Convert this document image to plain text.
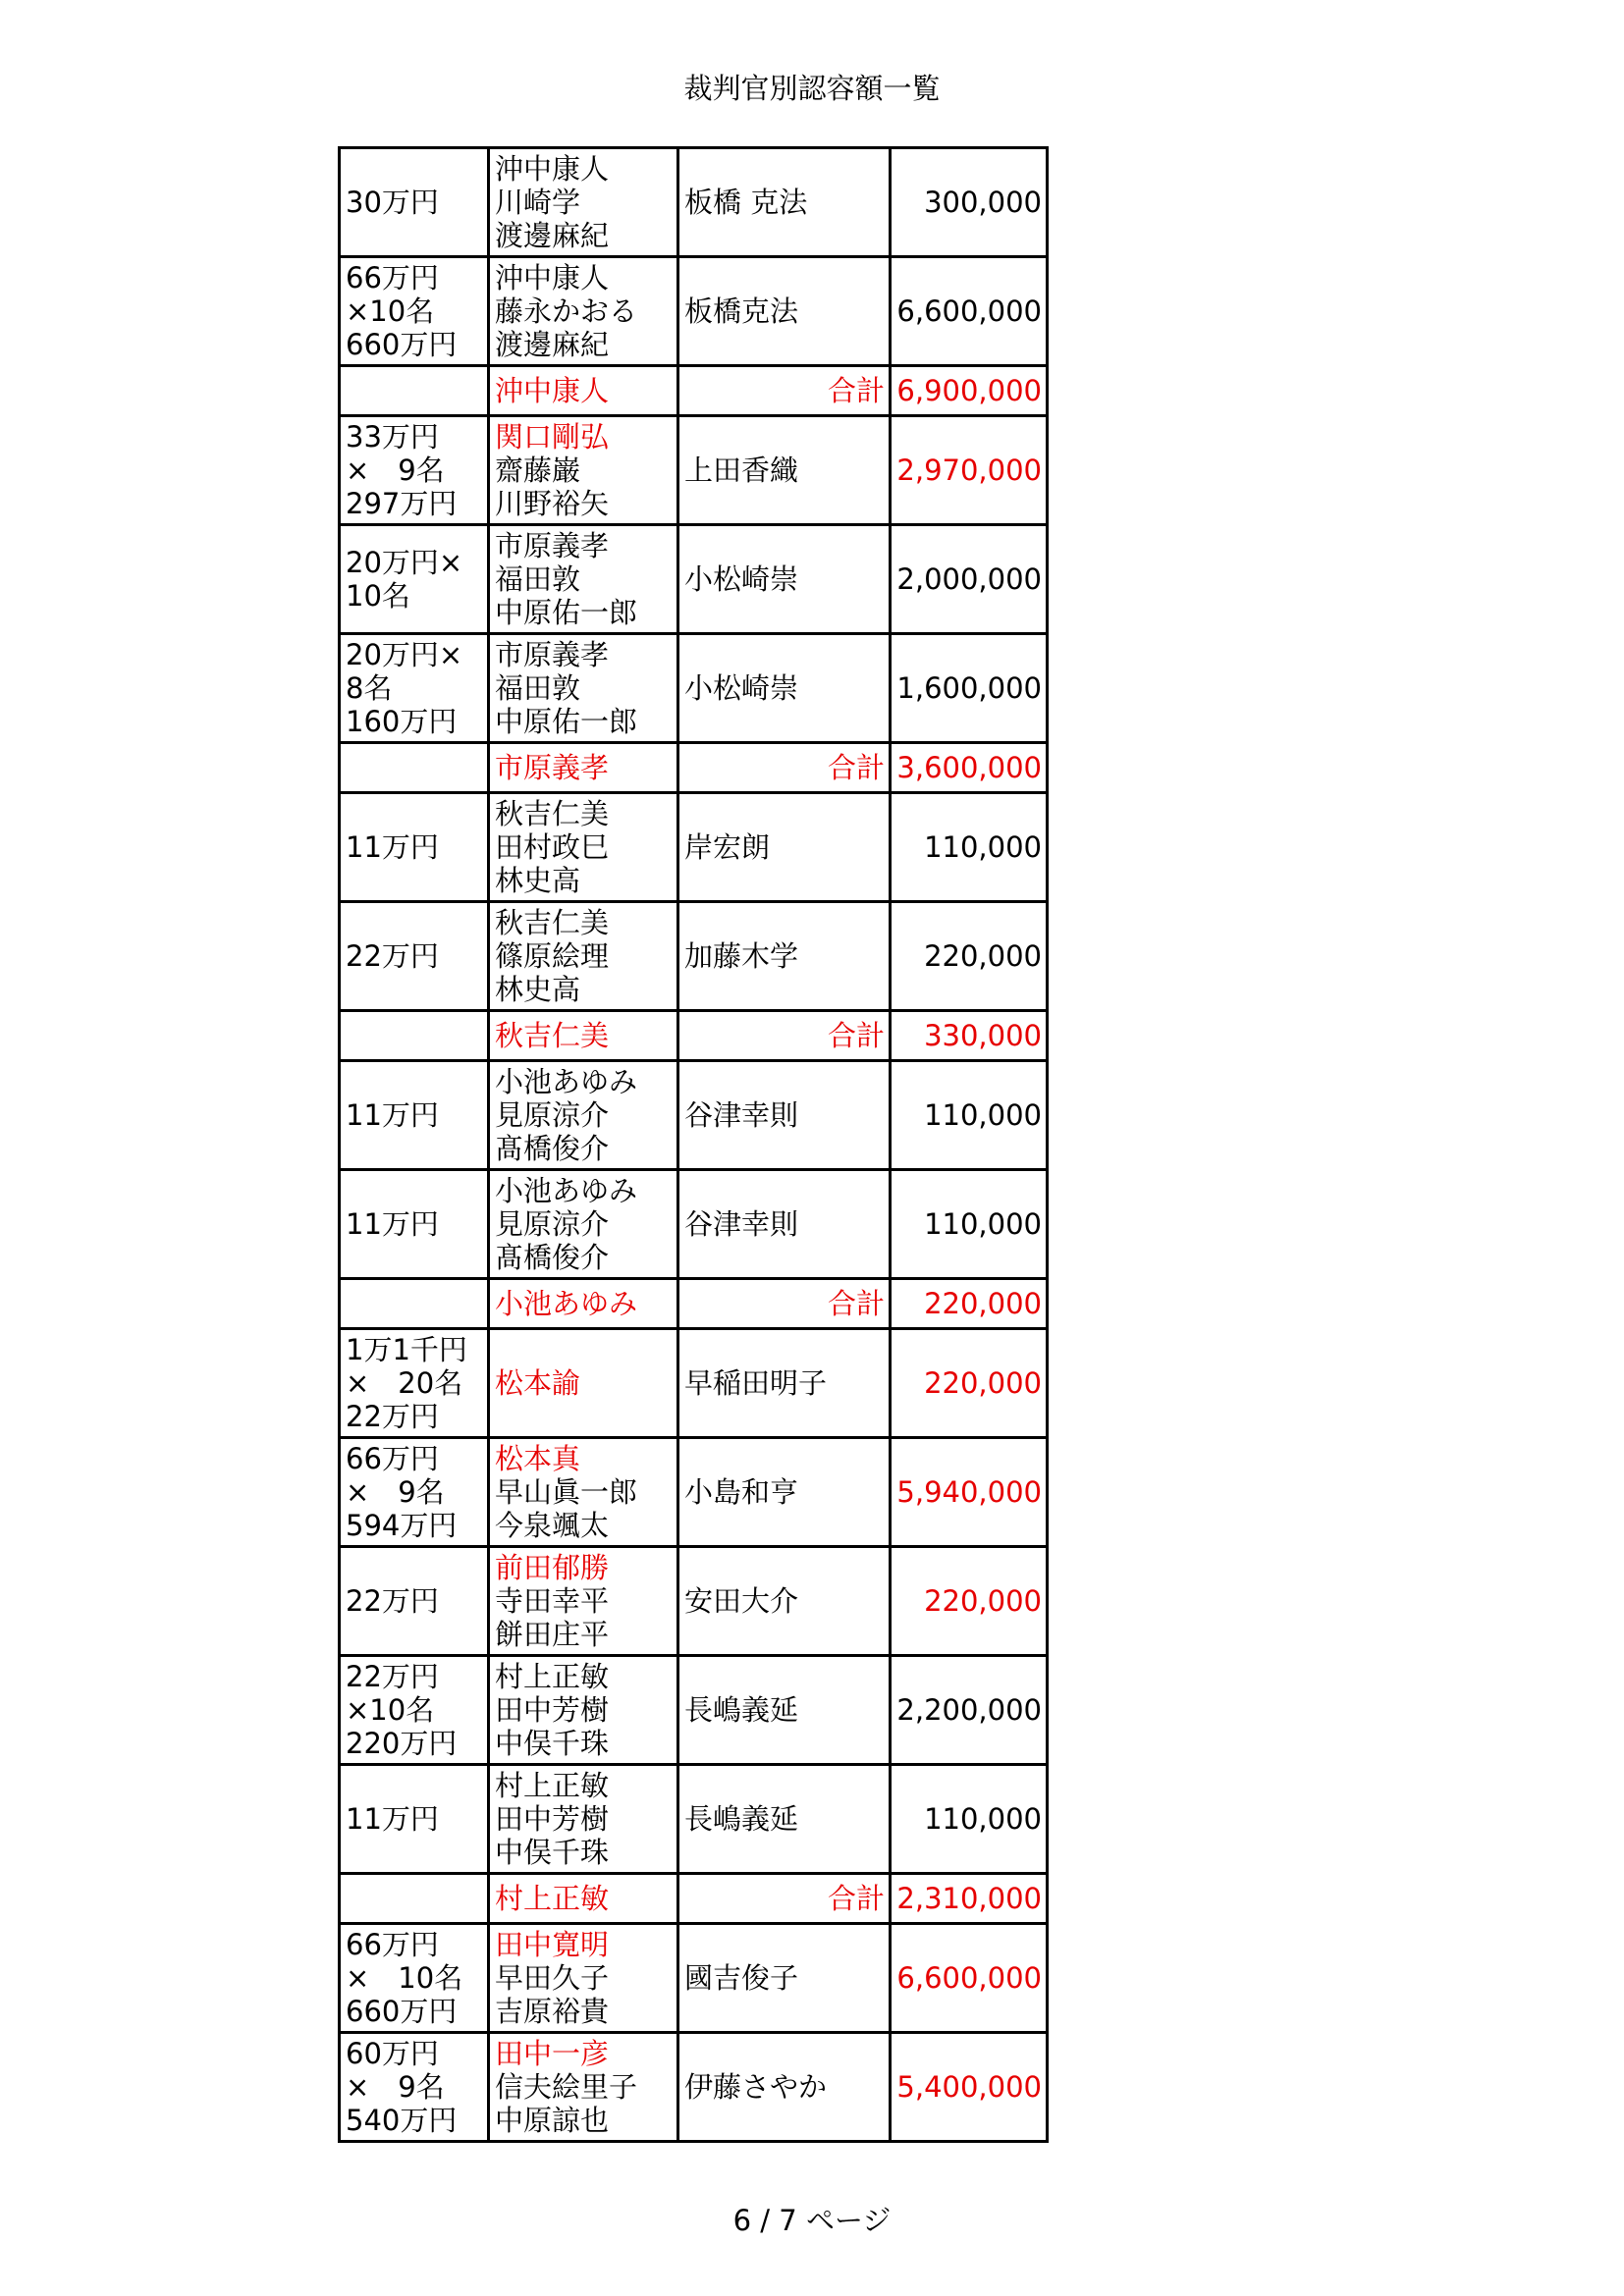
裁判官別認容額一覧
30万円	沖中康人
川崎学
渡邊麻紀	板橋 克法	300,000

66万円
×10名
660万円	沖中康人
藤永かおる
渡邊麻紀	板橋克法	6,600,000
	沖中康人	合計	6,900,000

33万円
×　9名
297万円	関口剛弘
齋藤巌
川野裕矢	上田香織	2,970,000

20万円×
10名	市原義孝
福田敦
中原佑一郎	小松崎崇	2,000,000

20万円×
8名
160万円	市原義孝
福田敦
中原佑一郎	小松崎崇	1,600,000
	市原義孝	合計	3,600,000

11万円	秋吉仁美
田村政巳
林史高	岸宏朗	110,000

22万円	秋吉仁美
篠原絵理
林史高	加藤木学	220,000
	秋吉仁美	合計	330,000

11万円	小池あゆみ
見原涼介
髙橋俊介	谷津幸則	110,000

11万円	小池あゆみ
見原涼介
髙橋俊介	谷津幸則	110,000
	小池あゆみ	合計	220,000

1万1千円
×　20名
22万円	松本諭	早稲田明子	220,000

66万円
×　9名
594万円	松本真
早山眞一郎
今泉颯太	小島和亨	5,940,000

22万円	前田郁勝
寺田幸平
餅田庄平	安田大介	220,000

22万円
×10名
220万円	村上正敏
田中芳樹
中俣千珠	長嶋義延	2,200,000

11万円	村上正敏
田中芳樹
中俣千珠	長嶋義延	110,000
	村上正敏	合計	2,310,000

66万円
×　10名
660万円	田中寛明
早田久子
吉原裕貴	國吉俊子	6,600,000

60万円
×　9名
540万円	田中一彦
信夫絵里子
中原諒也	伊藤さやか	5,400,000
6 / 7 ページ
